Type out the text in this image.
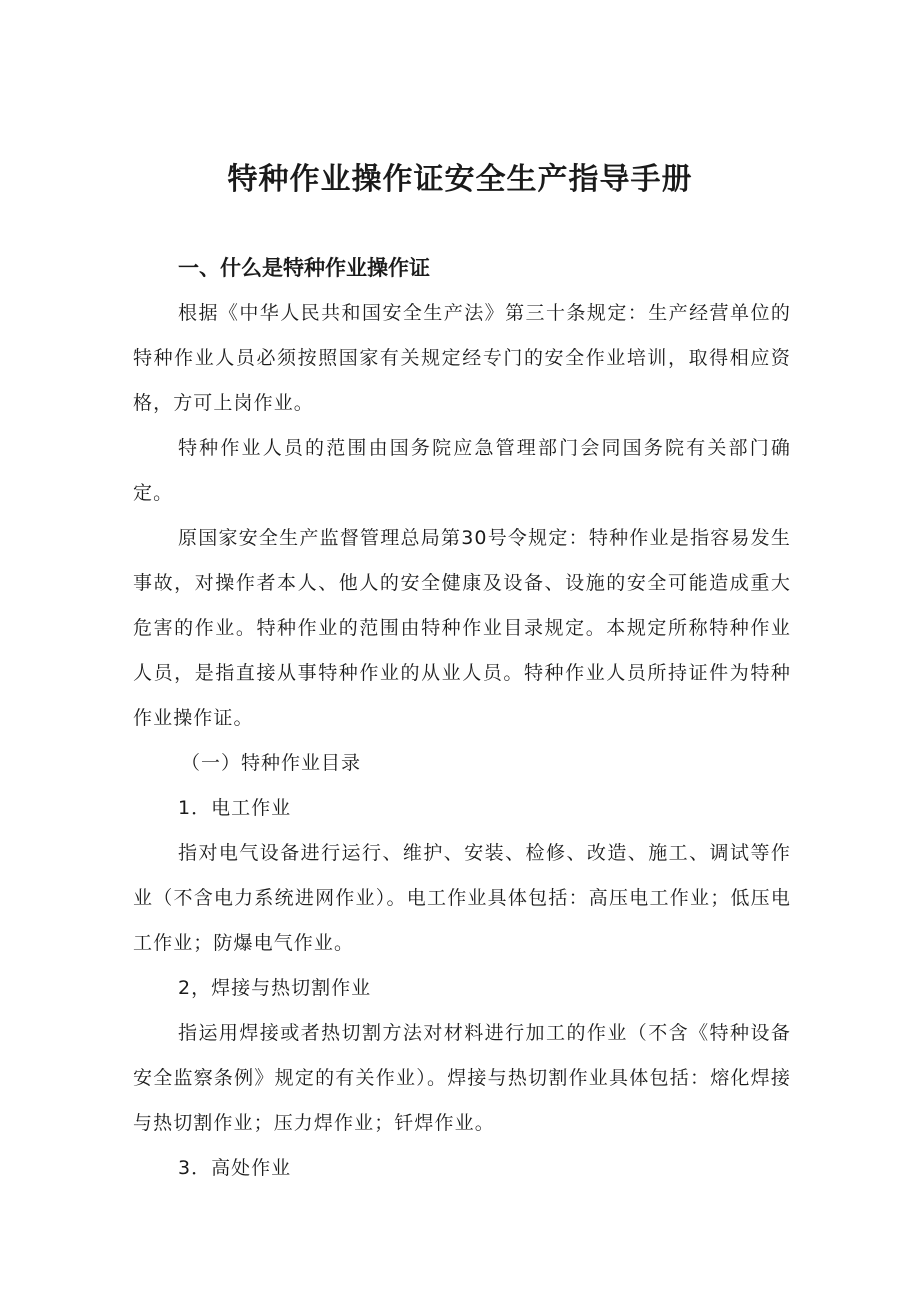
特种作业操作证安全生产指导手册
一、什么是特种作业操作证

根据《中华人民共和国安全生产法》第三十条规定：生产经营单位的特种作业人员必须按照国家有关规定经专门的安全作业培训，取得相应资格，方可上岗作业。

特种作业人员的范围由国务院应急管理部门会同国务院有关部门确定。

原国家安全生产监督管理总局第30号令规定：特种作业是指容易发生事故，对操作者本人、他人的安全健康及设备、设施的安全可能造成重大危害的作业。特种作业的范围由特种作业目录规定。本规定所称特种作业人员，是指直接从事特种作业的从业人员。特种作业人员所持证件为特种作业操作证。

（一）特种作业目录
1．电工作业

指对电气设备进行运行、维护、安装、检修、改造、施工、调试等作业（不含电力系统进网作业）。电工作业具体包括：高压电工作业；低压电工作业；防爆电气作业。

2，焊接与热切割作业

指运用焊接或者热切割方法对材料进行加工的作业（不含《特种设备安全监察条例》规定的有关作业）。焊接与热切割作业具体包括：熔化焊接与热切割作业；压力焊作业；钎焊作业。

3．高处作业
